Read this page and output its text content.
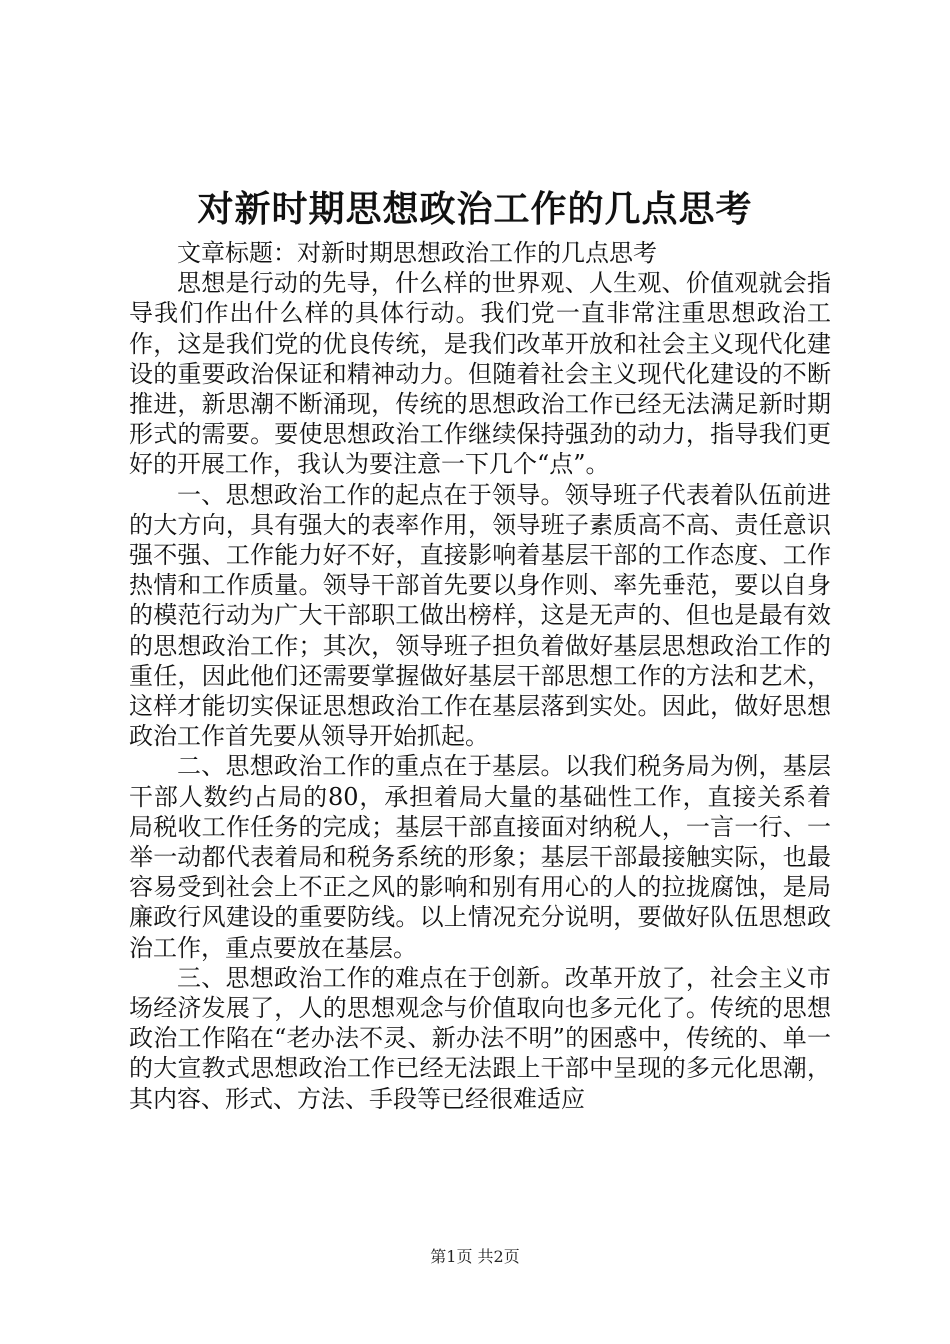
对新时期思想政治工作的几点思考

文章标题：对新时期思想政治工作的几点思考

思想是行动的先导，什么样的世界观、人生观、价值观就会指导我们作出什么样的具体行动。我们党一直非常注重思想政治工作，这是我们党的优良传统，是我们改革开放和社会主义现代化建设的重要政治保证和精神动力。但随着社会主义现代化建设的不断推进，新思潮不断涌现，传统的思想政治工作已经无法满足新时期形式的需要。要使思想政治工作继续保持强劲的动力，指导我们更好的开展工作，我认为要注意一下几个“点”。

一、思想政治工作的起点在于领导。领导班子代表着队伍前进的大方向，具有强大的表率作用，领导班子素质高不高、责任意识强不强、工作能力好不好，直接影响着基层干部的工作态度、工作热情和工作质量。领导干部首先要以身作则、率先垂范，要以自身的模范行动为广大干部职工做出榜样，这是无声的、但也是最有效的思想政治工作；其次，领导班子担负着做好基层思想政治工作的重任，因此他们还需要掌握做好基层干部思想工作的方法和艺术，这样才能切实保证思想政治工作在基层落到实处。因此，做好思想政治工作首先要从领导开始抓起。

二、思想政治工作的重点在于基层。以我们税务局为例，基层干部人数约占局的80，承担着局大量的基础性工作，直接关系着局税收工作任务的完成；基层干部直接面对纳税人，一言一行、一举一动都代表着局和税务系统的形象；基层干部最接触实际，也最容易受到社会上不正之风的影响和别有用心的人的拉拢腐蚀，是局廉政行风建设的重要防线。以上情况充分说明，要做好队伍思想政治工作，重点要放在基层。

三、思想政治工作的难点在于创新。改革开放了，社会主义市场经济发展了，人的思想观念与价值取向也多元化了。传统的思想政治工作陷在“老办法不灵、新办法不明”的困惑中，传统的、单一的大宣教式思想政治工作已经无法跟上干部中呈现的多元化思潮，其内容、形式、方法、手段等已经很难适应

第1页 共2页
